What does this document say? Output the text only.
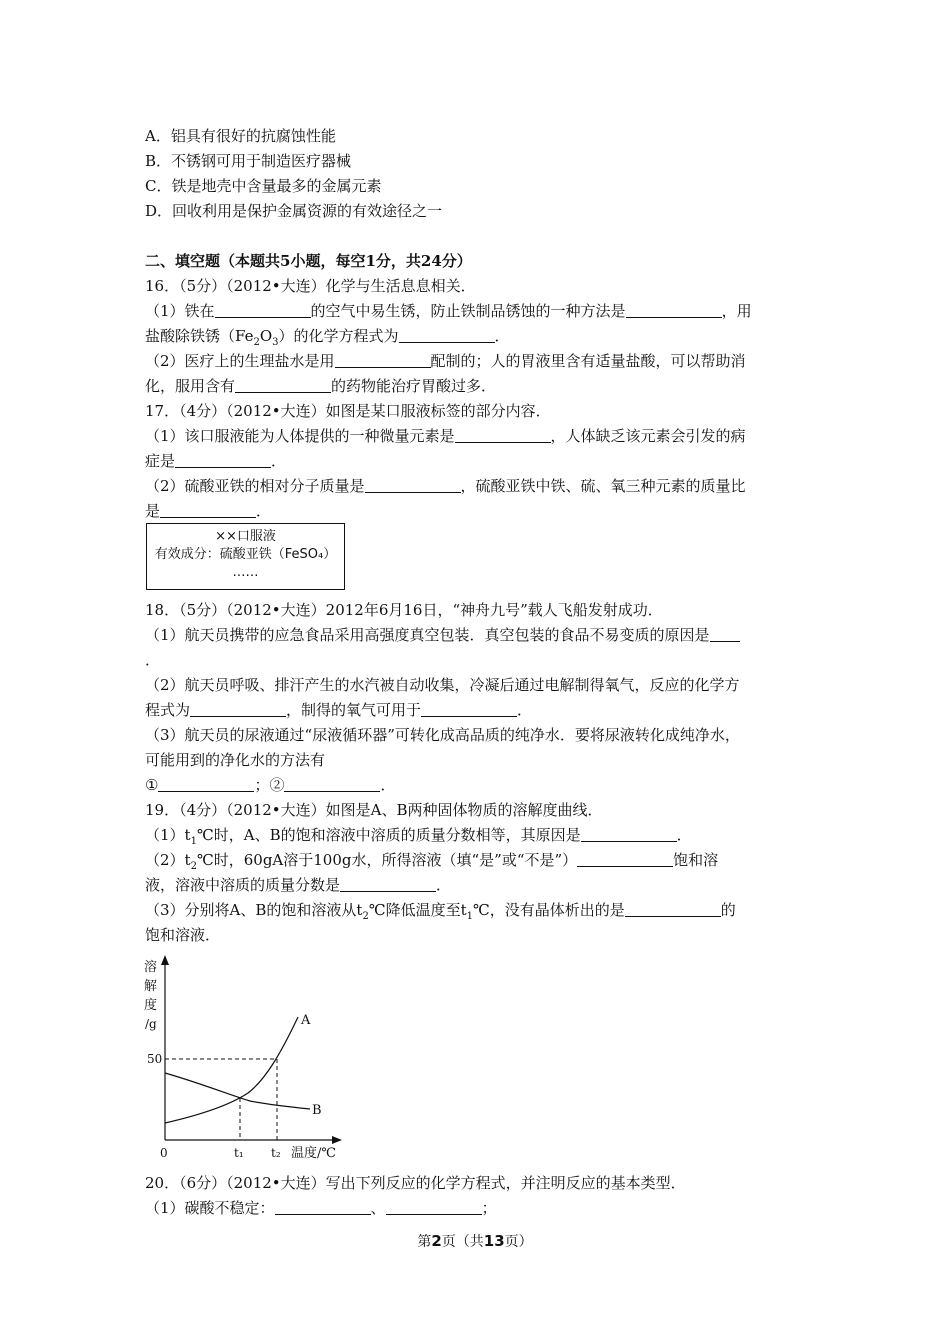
A．铝具有很好的抗腐蚀性能
B．不锈钢可用于制造医疗器械
C．铁是地壳中含量最多的金属元素
D．回收利用是保护金属资源的有效途径之一
二、填空题（本题共5小题，每空1分，共24分）
16．（5分）（2012•大连）化学与生活息息相关．
（1）铁在	的空气中易生锈，防止铁制品锈蚀的一种方法是	，用
盐酸除铁锈$(Fe_2O_3)$的化学方程式为	．
（2）医疗上的生理盐水是用	配制的；人的胃液里含有适量盐酸，可以帮助消
化，服用含有	的药物能治疗胃酸过多．
17．（4分）（2012•大连）如图是某口服液标签的部分内容．
（1）该口服液能为人体提供的一种微量元素是	，人体缺乏该元素会引发的病
症是	．
（2）硫酸亚铁的相对分子质量是	，硫酸亚铁中铁、硫、氧三种元素的质量比
是	．
××口服液
有效成分：硫酸亚铁（FeSO₄）
……
18．（5分）（2012•大连）2012年6月16日，“神舟九号”载人飞船发射成功．
（1）航天员携带的应急食品采用高强度真空包装．真空包装的食品不易变质的原因是
．
（2）航天员呼吸、排汗产生的水汽被自动收集，冷凝后通过电解制得氧气，反应的化学方
程式为	，制得的氧气可用于	．
（3）航天员的尿液通过“尿液循环器”可转化成高品质的纯净水．要将尿液转化成纯净水，
可能用到的净化水的方法有
①	；②	．
19．（4分）（2012•大连）如图是A、B两种固体物质的溶解度曲线．
$(1)t_1℃$时，A、B的饱和溶液中溶质的质量分数相等，其原因是	．
$(2)t_2℃$时，60gA溶于100g水，所得溶液（填“是”或“不是”）	饱和溶
液，溶液中溶质的质量分数是	．
（3）分别将A、B的饱和溶液从$t_2℃$降低温度至$t_1℃$，没有晶体析出的是	的
饱和溶液．
溶
解
度
/g
50
A
B
0	t₁ t₂ 温度/℃
20．（6分）（2012•大连）写出下列反应的化学方程式，并注明反应的基本类型．
（1）碳酸不稳定：	、	；
第2页（共13页）
